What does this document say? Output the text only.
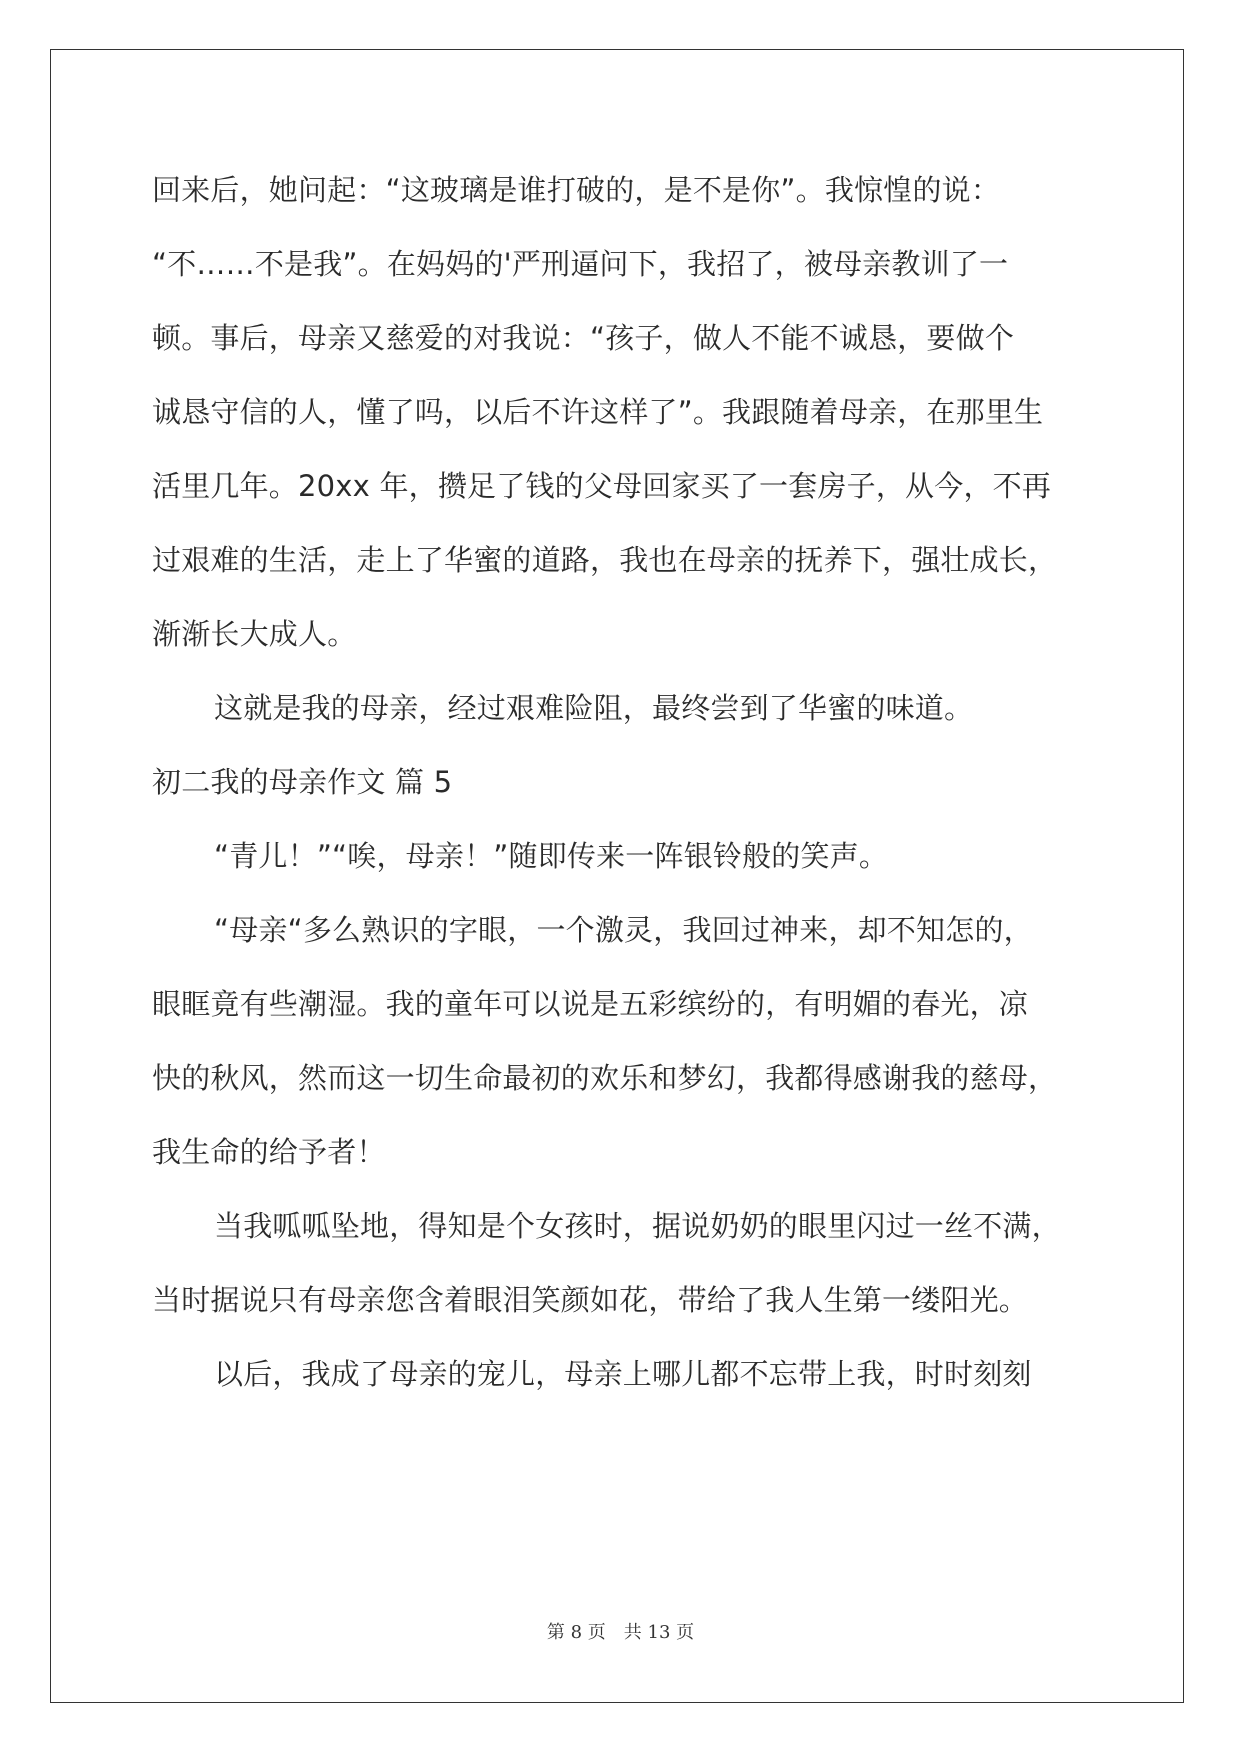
回来后，她问起：“这玻璃是谁打破的，是不是你”。我惊惶的说：
“不……不是我”。在妈妈的'严刑逼问下，我招了，被母亲教训了一
顿。事后，母亲又慈爱的对我说：“孩子，做人不能不诚恳，要做个
诚恳守信的人，懂了吗，以后不许这样了”。我跟随着母亲，在那里生
活里几年。20xx 年，攒足了钱的父母回家买了一套房子，从今，不再
过艰难的生活，走上了华蜜的道路，我也在母亲的抚养下，强壮成长，
渐渐长大成人。
这就是我的母亲，经过艰难险阻，最终尝到了华蜜的味道。
初二我的母亲作文 篇 5
“青儿！”“唉，母亲！”随即传来一阵银铃般的笑声。
“母亲“多么熟识的字眼，一个激灵，我回过神来，却不知怎的，
眼眶竟有些潮湿。我的童年可以说是五彩缤纷的，有明媚的春光，凉
快的秋风，然而这一切生命最初的欢乐和梦幻，我都得感谢我的慈母，
我生命的给予者！
当我呱呱坠地，得知是个女孩时，据说奶奶的眼里闪过一丝不满，
当时据说只有母亲您含着眼泪笑颜如花，带给了我人生第一缕阳光。
以后，我成了母亲的宠儿，母亲上哪儿都不忘带上我，时时刻刻
第 8 页　共 13 页
